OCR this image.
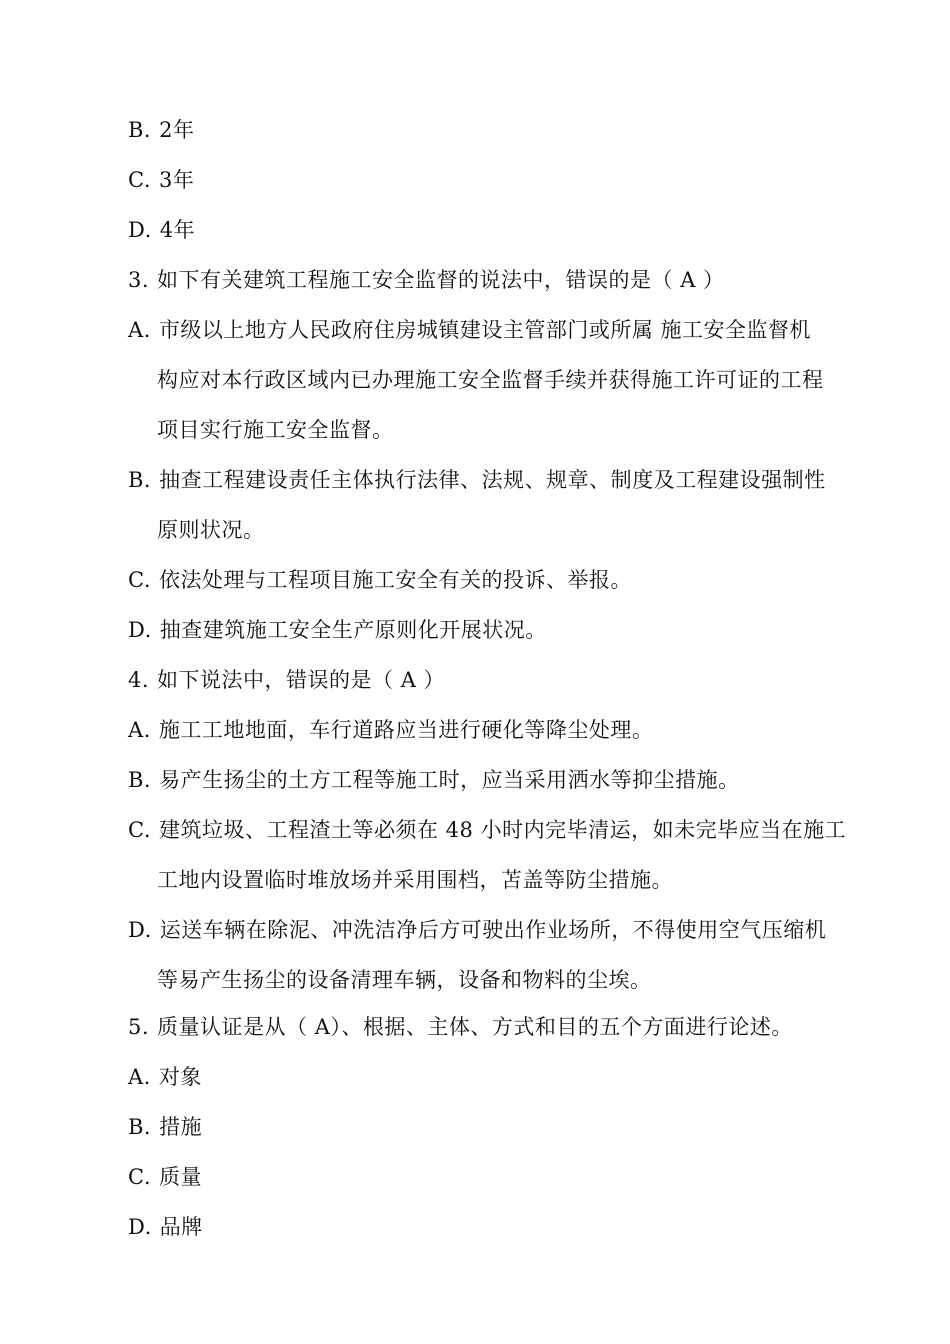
B. 2年
C. 3年
D. 4年
3. 如下有关建筑工程施工安全监督的说法中，错误的是（ A ）
A. 市级以上地方人民政府住房城镇建设主管部门或所属 施工安全监督机
构应对本行政区域内已办理施工安全监督手续并获得施工许可证的工程
项目实行施工安全监督。
B. 抽查工程建设责任主体执行法律、法规、规章、制度及工程建设强制性
原则状况。
C. 依法处理与工程项目施工安全有关的投诉、举报。
D. 抽查建筑施工安全生产原则化开展状况。
4. 如下说法中，错误的是（ A ）
A. 施工工地地面，车行道路应当进行硬化等降尘处理。
B. 易产生扬尘的土方工程等施工时，应当采用洒水等抑尘措施。
C. 建筑垃圾、工程渣土等必须在 48 小时内完毕清运，如未完毕应当在施工
工地内设置临时堆放场并采用围档，苫盖等防尘措施。
D. 运送车辆在除泥、冲洗洁净后方可驶出作业场所，不得使用空气压缩机
等易产生扬尘的设备清理车辆，设备和物料的尘埃。
5. 质量认证是从（ A）、根据、主体、方式和目的五个方面进行论述。
A. 对象
B. 措施
C. 质量
D. 品牌
